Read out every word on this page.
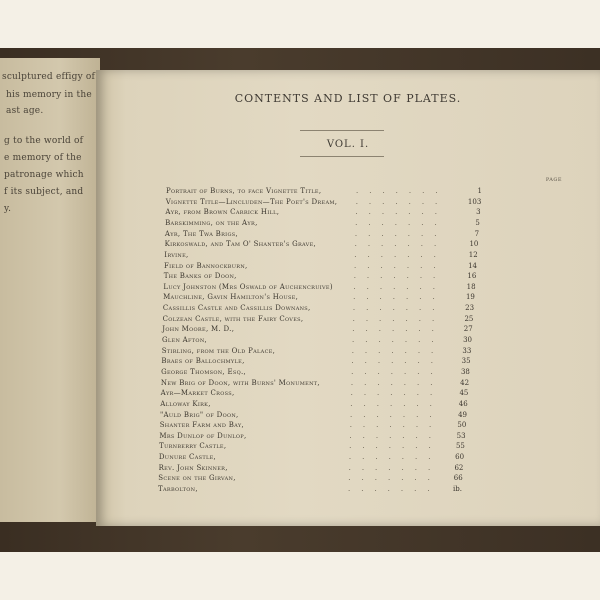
sculptured effigy of
his memory in the
ast age.
g to the world of
e memory of the
patronage which
f its subject, and
y.
CONTENTS AND LIST OF PLATES.
VOL. I.
PAGE
Portrait of Burns, to face Vignette Title,	.......	1
Vignette Title—Lincluden—The Poet's Dream,	.......	103
Ayr, from Brown Carrick Hill,	.......	3
Barskimming, on the Ayr,	.......	5
Ayr, The Twa Brigs,	.......	7
Kirkoswald, and Tam O' Shanter's Grave,	.......	10
Irvine,	.......	12
Field of Bannockburn,	.......	14
The Banks of Doon,	.......	16
Lucy Johnston (Mrs Oswald of Auchencruive)	.......	18
Mauchline, Gavin Hamilton's House,	.......	19
Cassillis Castle and Cassillis Downans,	.......	23
Colzean Castle, with the Fairy Coves,	.......	25
John Moore, M. D.,	.......	27
Glen Afton,	.......	30
Stirling, from the Old Palace,	.......	33
Braes of Ballochmyle,	.......	35
George Thomson, Esq.,	.......	38
New Brig of Doon, with Burns' Monument,	.......	42
Ayr—Market Cross,	.......	45
Alloway Kirk,	.......	46
"Auld Brig" of Doon,	.......	49
Shanter Farm and Bay,	.......	50
Mrs Dunlop of Dunlop,	.......	53
Turnberry Castle,	.......	55
Dunure Castle,	.......	60
Rev. John Skinner,	.......	62
Scene on the Girvan,	.......	66
Tarbolton,	.......	ib.
